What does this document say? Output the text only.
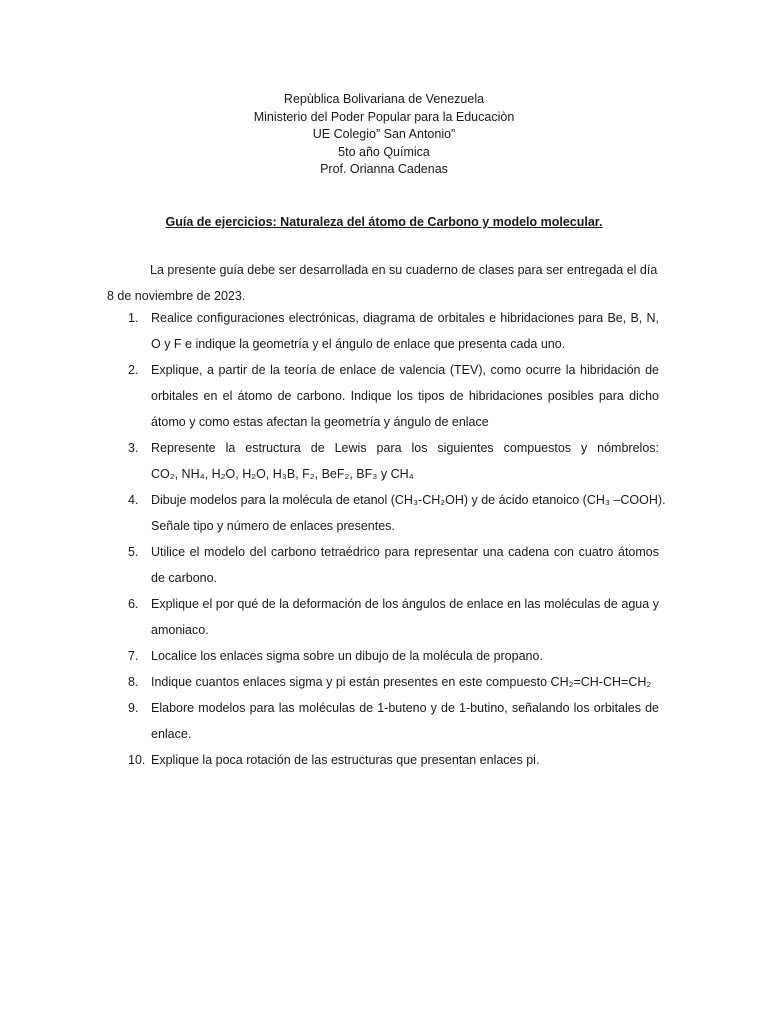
Repùblica Bolivariana de Venezuela
Ministerio del Poder Popular para la Educaciòn
UE Colegio” San Antonio”
5to año Química
Prof. Orianna Cadenas
Guía de ejercicios: Naturaleza del átomo de Carbono y modelo molecular.
La presente guía debe ser desarrollada en su cuaderno de clases para ser entregada el día
8 de noviembre de 2023.
1.	Realice configuraciones electrónicas, diagrama de orbitales e hibridaciones para Be, B, N,
O y F e indique la geometría y el ángulo de enlace que presenta cada uno.
2.	Explique, a partir de la teoría de enlace de valencia (TEV), como ocurre la hibridación de
orbitales en el átomo de carbono. Indique los tipos de hibridaciones posibles para dicho
átomo y como estas afectan la geometría y ángulo de enlace
3.	Represente la estructura de Lewis para los siguientes compuestos y nómbrelos:
CO₂, NH₄, H₂O, H₂O, H₃B, F₂, BeF₂, BF₃ y CH₄
4.	Dibuje modelos para la molécula de etanol (CH₃-CH₂OH) y de ácido etanoico (CH₃ –COOH).
Señale tipo y número de enlaces presentes.
5.	Utilice el modelo del carbono tetraédrico para representar una cadena con cuatro átomos
de carbono.
6.	Explique el por qué de la deformación de los ángulos de enlace en las moléculas de agua y
amoniaco.
7.	Localice los enlaces sigma sobre un dibujo de la molécula de propano.
8.	Indique cuantos enlaces sigma y pi están presentes en este compuesto CH₂=CH-CH=CH₂
9.	Elabore modelos para las moléculas de 1-buteno y de 1-butino, señalando los orbitales de
enlace.
10. Explique la poca rotación de las estructuras que presentan enlaces pi.
